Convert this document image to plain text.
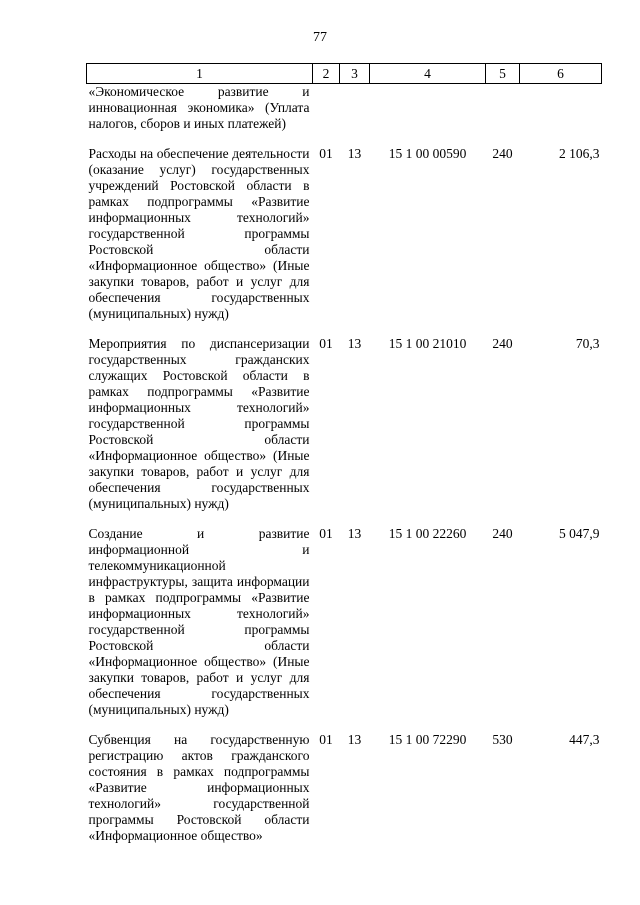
77
1	2	3	4	5	6
«Экономическое развитие и инновационная экономика» (Уплата налогов, сборов и иных платежей)					
Расходы на обеспечение деятельности (оказание услуг) государственных учреждений Ростовской области в рамках подпрограммы «Развитие информационных технологий» государственной программы Ростовской области «Информационное общество» (Иные закупки товаров, работ и услуг для обеспечения государственных (муниципальных) нужд)	01	13	15 1 00 00590	240	2 106,3
Мероприятия по диспансеризации государственных гражданских служащих Ростовской области в рамках подпрограммы «Развитие информационных технологий» государственной программы Ростовской области «Информационное общество» (Иные закупки товаров, работ и услуг для обеспечения государственных (муниципальных) нужд)	01	13	15 1 00 21010	240	70,3
Создание и развитие информационной и телекоммуникационной инфраструктуры, защита информации в рамках подпрограммы «Развитие информационных технологий» государственной программы Ростовской области «Информационное общество» (Иные закупки товаров, работ и услуг для обеспечения государственных (муниципальных) нужд)	01	13	15 1 00 22260	240	5 047,9
Субвенция на государственную регистрацию актов гражданского состояния в рамках подпрограммы «Развитие информационных технологий» государственной программы Ростовской области «Информационное общество»	01	13	15 1 00 72290	530	447,3
